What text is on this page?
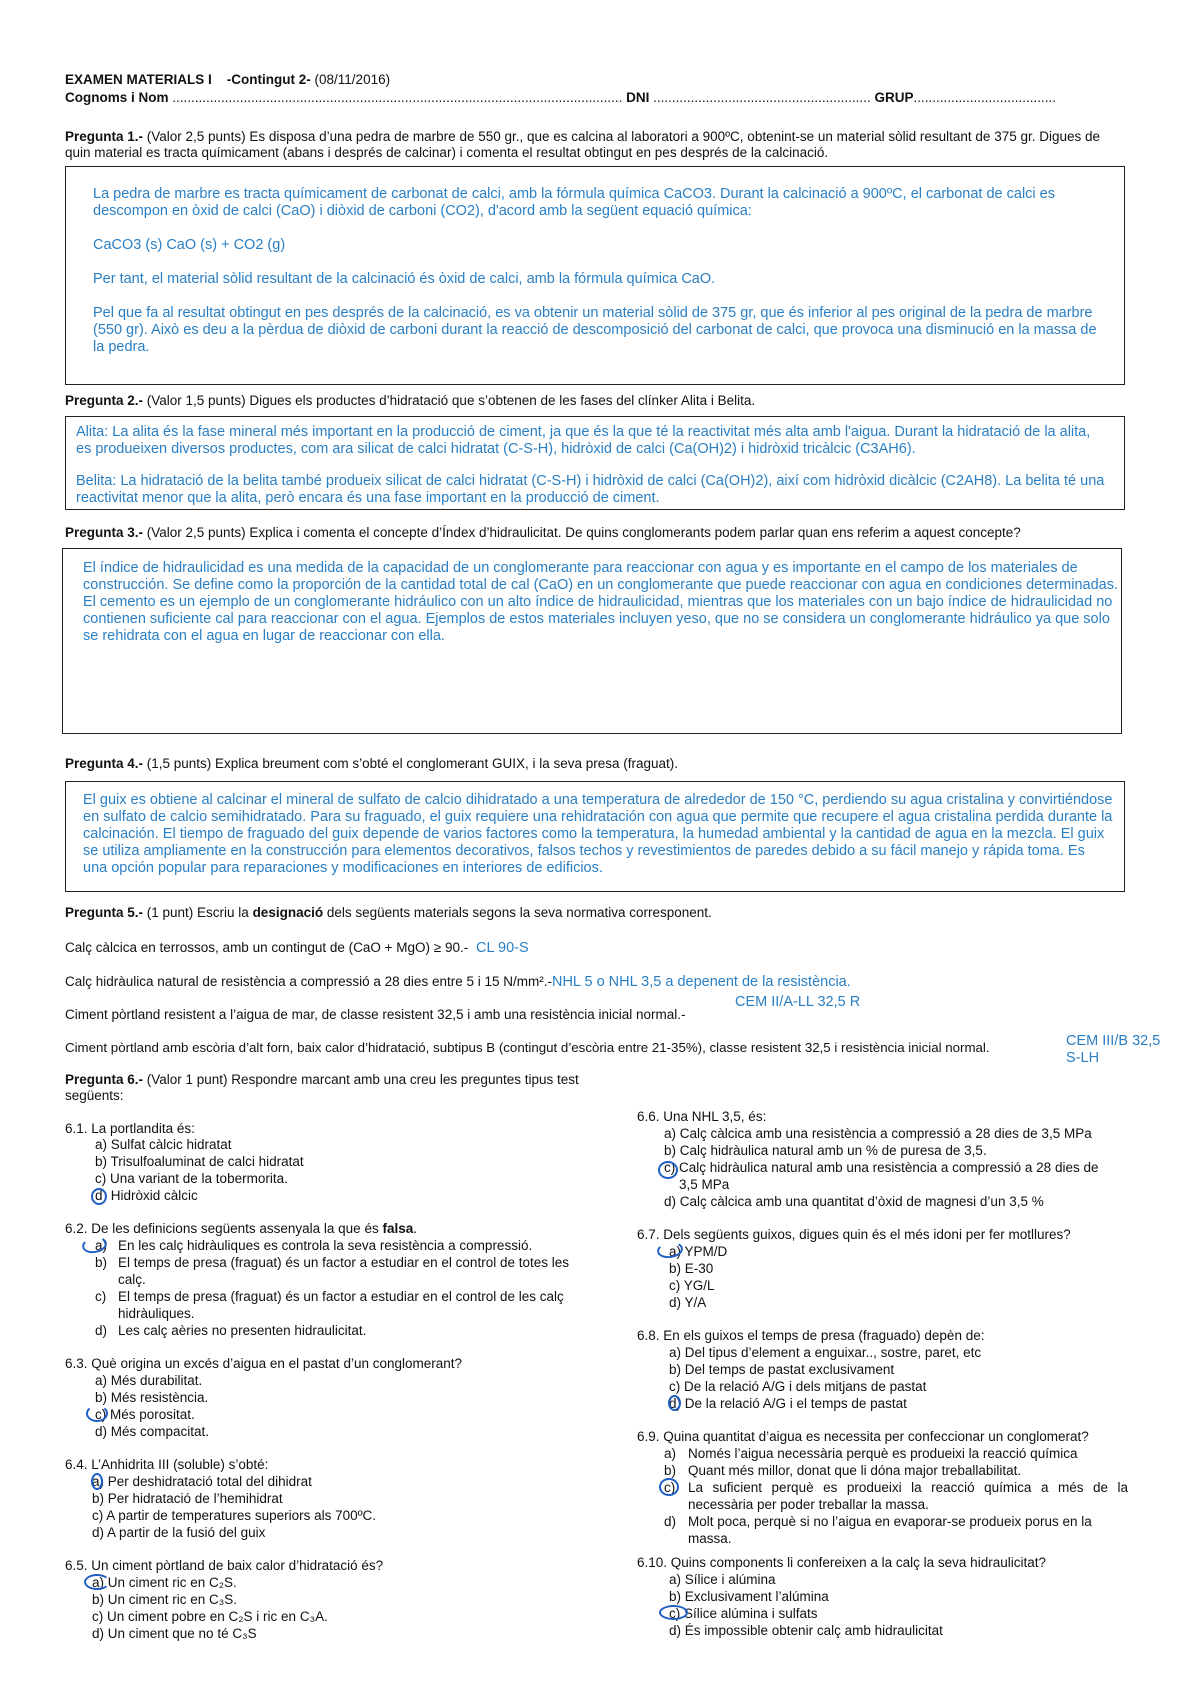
EXAMEN MATERIALS I -Contingut 2- (08/11/2016)
Cognoms i Nom ........................................................................................................................ DNI .......................................................... GRUP......................................
Pregunta 1.- (Valor 2,5 punts) Es disposa d’una pedra de marbre de 550 gr., que es calcina al laboratori a 900ºC, obtenint-se un material sòlid resultant de 375 gr. Digues de quin material es tracta químicament (abans i després de calcinar) i comenta el resultat obtingut en pes després de la calcinació.
La pedra de marbre es tracta químicament de carbonat de calci, amb la fórmula química CaCO3. Durant la calcinació a 900ºC, el carbonat de calci es descompon en òxid de calci (CaO) i diòxid de carboni (CO2), d'acord amb la següent equació química:
CaCO3 (s) CaO (s) + CO2 (g)
Per tant, el material sòlid resultant de la calcinació és òxid de calci, amb la fórmula química CaO.
Pel que fa al resultat obtingut en pes després de la calcinació, es va obtenir un material sòlid de 375 gr, que és inferior al pes original de la pedra de marbre (550 gr). Això es deu a la pèrdua de diòxid de carboni durant la reacció de descomposició del carbonat de calci, que provoca una disminució en la massa de la pedra.
Pregunta 2.- (Valor 1,5 punts) Digues els productes d’hidratació que s’obtenen de les fases del clínker Alita i Belita.
Alita: La alita és la fase mineral més important en la producció de ciment, ja que és la que té la reactivitat més alta amb l'aigua. Durant la hidratació de la alita, es produeixen diversos productes, com ara silicat de calci hidratat (C-S-H), hidròxid de calci (Ca(OH)2) i hidròxid tricàlcic (C3AH6).
Belita: La hidratació de la belita també produeix silicat de calci hidratat (C-S-H) i hidròxid de calci (Ca(OH)2), així com hidròxid dicàlcic (C2AH8). La belita té una reactivitat menor que la alita, però encara és una fase important en la producció de ciment.
Pregunta 3.- (Valor 2,5 punts) Explica i comenta el concepte d’Índex d’hidraulicitat. De quins conglomerants podem parlar quan ens referim a aquest concepte?
El índice de hidraulicidad es una medida de la capacidad de un conglomerante para reaccionar con agua y es importante en el campo de los materiales de construcción. Se define como la proporción de la cantidad total de cal (CaO) en un conglomerante que puede reaccionar con agua en condiciones determinadas. El cemento es un ejemplo de un conglomerante hidráulico con un alto índice de hidraulicidad, mientras que los materiales con un bajo índice de hidraulicidad no contienen suficiente cal para reaccionar con el agua. Ejemplos de estos materiales incluyen yeso, que no se considera un conglomerante hidráulico ya que solo se rehidrata con el agua en lugar de reaccionar con ella.
Pregunta 4.- (1,5 punts) Explica breument com s’obté el conglomerant GUIX, i la seva presa (fraguat).
El guix es obtiene al calcinar el mineral de sulfato de calcio dihidratado a una temperatura de alrededor de 150 °C, perdiendo su agua cristalina y convirtiéndose en sulfato de calcio semihidratado. Para su fraguado, el guix requiere una rehidratación con agua que permite que recupere el agua cristalina perdida durante la calcinación. El tiempo de fraguado del guix depende de varios factores como la temperatura, la humedad ambiental y la cantidad de agua en la mezcla. El guix se utiliza ampliamente en la construcción para elementos decorativos, falsos techos y revestimientos de paredes debido a su fácil manejo y rápida toma. Es una opción popular para reparaciones y modificaciones en interiores de edificios.
Pregunta 5.- (1 punt) Escriu la designació dels següents materials segons la seva normativa corresponent.
Calç càlcica en terrossos, amb un contingut de (CaO + MgO) ≥ 90.- CL 90-S
Calç hidràulica natural de resistència a compressió a 28 dies entre 5 i 15 N/mm².-NHL 5 o NHL 3,5 a depenent de la resistència.
Ciment pòrtland resistent a l’aigua de mar, de classe resistent 32,5 i amb una resistència inicial normal.-
CEM II/A-LL 32,5 R
Ciment pòrtland amb escòria d’alt forn, baix calor d’hidratació, subtipus B (contingut d’escòria entre 21-35%), classe resistent 32,5 i resistència inicial normal.	CEM III/B 32,5
S-LH
Pregunta 6.- (Valor 1 punt) Respondre marcant amb una creu les preguntes tipus test següents:
6.1. La portlandita és:
a) Sulfat càlcic hidratat
b) Trisulfoaluminat de calci hidratat
c) Una variant de la tobermorita.
d) Hidròxid càlcic
6.2. De les definicions següents assenyala la que és falsa.
a) En les calç hidràuliques es controla la seva resistència a compressió.
b) El temps de presa (fraguat) és un factor a estudiar en el control de totes les calç.
c) El temps de presa (fraguat) és un factor a estudiar en el control de les calç hidràuliques.
d) Les calç aèries no presenten hidraulicitat.
6.3. Què origina un excés d’aigua en el pastat d’un conglomerant?
a) Més durabilitat.
b) Més resistència.
c) Més porositat.
d) Més compacitat.
6.4. L’Anhidrita III (soluble) s’obté:
a) Per deshidratació total del dihidrat
b) Per hidratació de l’hemihidrat
c) A partir de temperatures superiors als 700ºC.
d) A partir de la fusió del guix
6.5. Un ciment pòrtland de baix calor d’hidratació és?
a) Un ciment ric en C₂S.
b) Un ciment ric en C₃S.
c) Un ciment pobre en C₂S i ric en C₃A.
d) Un ciment que no té C₃S
6.6. Una NHL 3,5, és:
a) Calç càlcica amb una resistència a compressió a 28 dies de 3,5 MPa
b) Calç hidràulica natural amb un % de puresa de 3,5.
c) Calç hidràulica natural amb una resistència a compressió a 28 dies de
3,5 MPa
d) Calç càlcica amb una quantitat d’òxid de magnesi d’un 3,5 %
6.7. Dels següents guixos, digues quin és el més idoni per fer motllures?
a) YPM/D
b) E-30
c) YG/L
d) Y/A
6.8. En els guixos el temps de presa (fraguado) depèn de:
a) Del tipus d’element a enguixar.., sostre, paret, etc
b) Del temps de pastat exclusivament
c) De la relació A/G i dels mitjans de pastat
d) De la relació A/G i el temps de pastat
6.9. Quina quantitat d’aigua es necessita per confeccionar un conglomerat?
a) Només l’aigua necessària perquè es produeixi la reacció química
b) Quant més millor, donat que li dóna major treballabilitat.
c) La suficient perquè es produeixi la reacció química a més de la necessària per poder treballar la massa.
d) Molt poca, perquè si no l’aigua en evaporar-se produeix porus en la massa.
6.10. Quins components li confereixen a la calç la seva hidraulicitat?
a) Sílice i alúmina
b) Exclusivament l’alúmina
c) Sílice alúmina i sulfats
d) És impossible obtenir calç amb hidraulicitat
